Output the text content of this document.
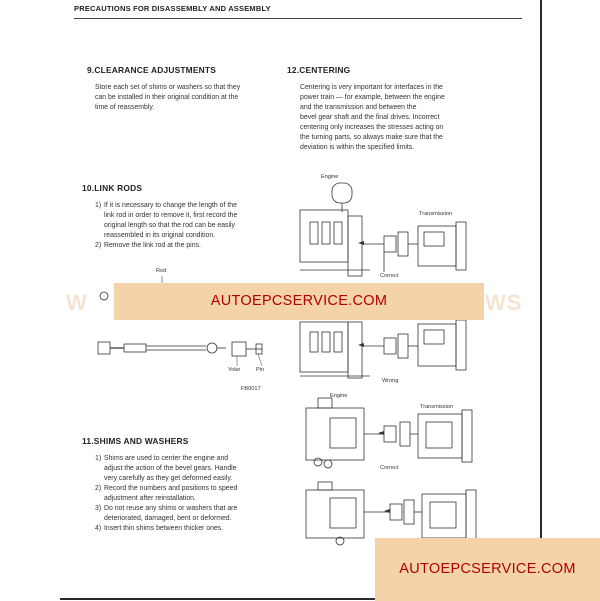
PRECAUTIONS FOR DISASSEMBLY AND ASSEMBLY
9.CLEARANCE ADJUSTMENTS

Store each set of shims or washers so that they

can be installed in their original condition at the

time of reassembly.

12.CENTERING

Centering is very important for interfaces in the

power train — for example, between the engine

and the transmission and between the

bevel gear shaft and the final drives. Incorrect

centering only increases the stresses acting on

the turning parts, so always make sure that the

deviation is within the specified limits.

10.LINK RODS
1) If it is necessary to change the length of the
link rod in order to remove it, first record the
original length so that the rod can be easily
reassembled in its original condition.
2) Remove the link rod at the pins.
Rod
Yoke	Pin
FB0017
11.SHIMS AND WASHERS
1) Shims are used to center the engine and
adjust the action of the bevel gears. Handle
very carefully as they get deformed easily.
2) Record the numbers and positions to speed
adjustment after reinstallation.
3) Do not reuse any shims or washers that are
deteriorated, damaged, bent or deformed.
4) Insert thin shims between thicker ones.
Engine
Transmission
Correct
Wrong
Engine
Transmission
Correct
W	WS
AUTOEPCSERVICE.COM
AUTOEPCSERVICE.COM
